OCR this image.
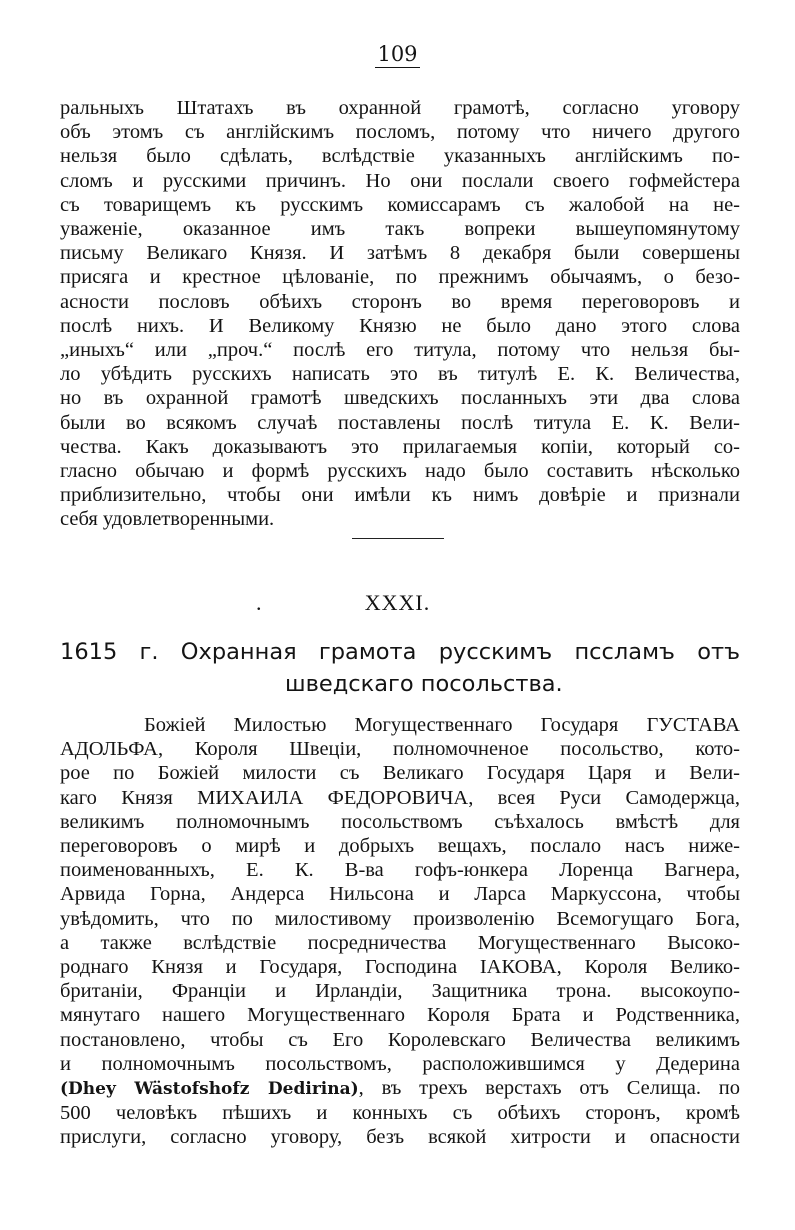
109
ральныхъ Штатахъ въ охранной грамотѣ, согласно уговору
объ этомъ съ англійскимъ посломъ, потому что ничего другого
нельзя было сдѣлать, вслѣдствіе указанныхъ англійскимъ по-
сломъ и русскими причинъ. Но они послали своего гофмейстера
съ товарищемъ къ русскимъ комиссарамъ съ жалобой на не-
уваженіе, оказанное имъ такъ вопреки вышеупомянутому
письму Великаго Князя. И затѣмъ 8 декабря были совершены
присяга и крестное цѣлованіе, по прежнимъ обычаямъ, о безо-
асности пословъ обѣихъ сторонъ во время переговоровъ и
послѣ нихъ. И Великому Князю не было дано этого слова
„иныхъ“ или „проч.“ послѣ его титула, потому что нельзя бы-
ло убѣдить русскихъ написать это въ титулѣ Е. К. Величества,
но въ охранной грамотѣ шведскихъ посланныхъ эти два слова
были во всякомъ случаѣ поставлены послѣ титула Е. К. Вели-
чества. Какъ доказываютъ это прилагаемыя копіи, который со-
гласно обычаю и формѣ русскихъ надо было составить нѣсколько
приблизительно, чтобы они имѣли къ нимъ довѣріе и признали
себя удовлетворенными.
.	XXXI.
1615 г. Охранная грамота русскимъ пссламъ отъ
шведскаго посольства.
Божіей Милостью Могущественнаго Государя ГУСТАВА
АДОЛЬФА, Короля Швеціи, полномочненое посольство, кото-
рое по Божіей милости съ Великаго Государя Царя и Вели-
каго Князя МИХАИЛА ФЕДОРОВИЧА, всея Руси Самодержца,
великимъ полномочнымъ посольствомъ съѣхалось вмѣстѣ для
переговоровъ о мирѣ и добрыхъ вещахъ, послало насъ ниже-
поименованныхъ, Е. К. В-ва гофъ-юнкера Лоренца Вагнера,
Арвида Горна, Андерса Нильсона и Ларса Маркуссона, чтобы
увѣдомить, что по милостивому произволенію Всемогущаго Бога,
а также вслѣдствіе посредничества Могущественнаго Высоко-
роднаго Князя и Государя, Господина ІАКОВА, Короля Велико-
британіи, Франціи и Ирландіи, Защитника трона. высокоупо-
мянутаго нашего Могущественнаго Короля Брата и Родственника,
постановлено, чтобы съ Его Королевскаго Величества великимъ
и полномочнымъ посольствомъ, расположившимся у Дедерина
(Dhey Wästofshofz Dedirina), въ трехъ верстахъ отъ Селища. по
500 человѣкъ пѣшихъ и конныхъ съ обѣихъ сторонъ, кромѣ
прислуги, согласно уговору, безъ всякой хитрости и опасности
